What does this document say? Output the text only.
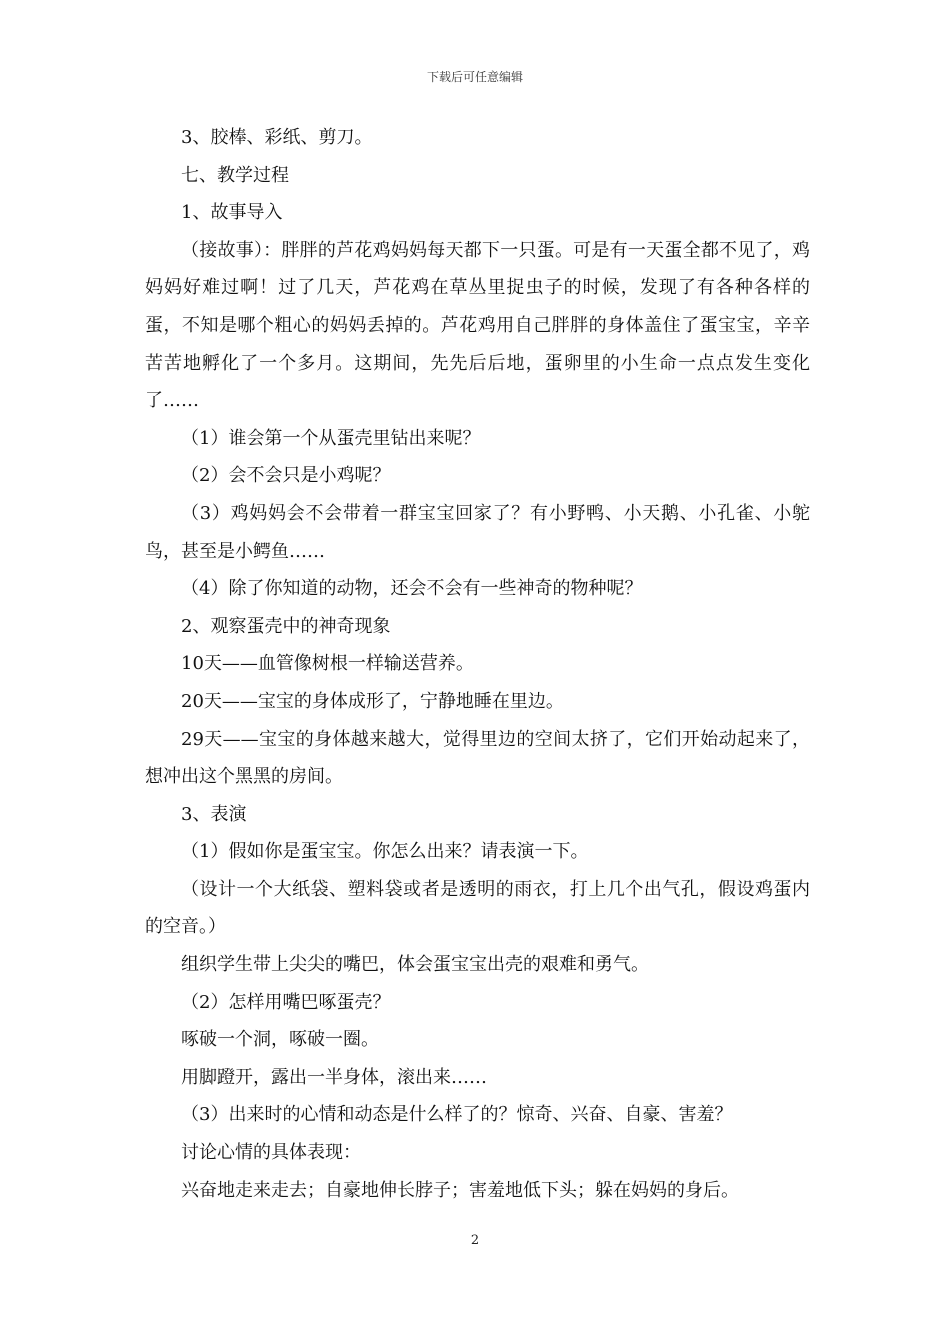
下载后可任意编辑

3、胶棒、彩纸、剪刀。

七、教学过程

1、故事导入

（接故事）：胖胖的芦花鸡妈妈每天都下一只蛋。可是有一天蛋全都不见了，鸡妈妈好难过啊！过了几天，芦花鸡在草丛里捉虫子的时候，发现了有各种各样的蛋，不知是哪个粗心的妈妈丢掉的。芦花鸡用自己胖胖的身体盖住了蛋宝宝，辛辛苦苦地孵化了一个多月。这期间，先先后后地，蛋卵里的小生命一点点发生变化了……

（1）谁会第一个从蛋壳里钻出来呢？

（2）会不会只是小鸡呢？

（3）鸡妈妈会不会带着一群宝宝回家了？有小野鸭、小天鹅、小孔雀、小鸵鸟，甚至是小鳄鱼……

（4）除了你知道的动物，还会不会有一些神奇的物种呢？

2、观察蛋壳中的神奇现象

10天——血管像树根一样输送营养。

20天——宝宝的身体成形了，宁静地睡在里边。

29天——宝宝的身体越来越大，觉得里边的空间太挤了，它们开始动起来了，想冲出这个黑黑的房间。

3、表演

（1）假如你是蛋宝宝。你怎么出来？请表演一下。

（设计一个大纸袋、塑料袋或者是透明的雨衣，打上几个出气孔，假设鸡蛋内的空音。）

组织学生带上尖尖的嘴巴，体会蛋宝宝出壳的艰难和勇气。

（2）怎样用嘴巴啄蛋壳？

啄破一个洞，啄破一圈。

用脚蹬开，露出一半身体，滚出来……

（3）出来时的心情和动态是什么样了的？惊奇、兴奋、自豪、害羞？

讨论心情的具体表现：

兴奋地走来走去；自豪地伸长脖子；害羞地低下头；躲在妈妈的身后。

2
